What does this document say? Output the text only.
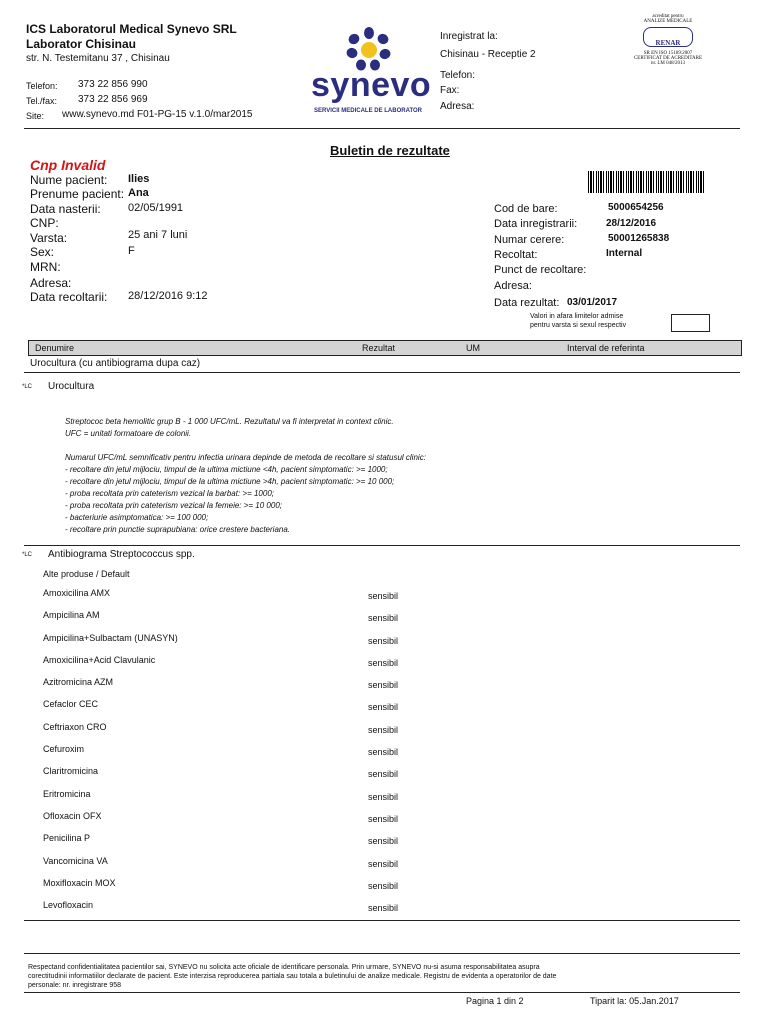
ICS Laboratorul Medical Synevo SRL
Laborator Chisinau
str. N. Testemitanu 37 , Chisinau
Telefon: 373 22 856 990
Tel./fax: 373 22 856 969
Site: www.synevo.md F01-PG-15 v.1.0/mar2015
synevo
SERVICII MEDICALE DE LABORATOR
Inregistrat la:
Chisinau - Receptie 2
Telefon:
Fax:
Adresa:
acreditat pentru
ANALIZE MEDICALE
$_{RENAR}$
SR EN ISO 15189:2007
CERTIFICAT DE ACREDITARE
nr. LM 048/2013
Buletin de rezultate
Cnp Invalid
Nume pacient: Ilies
Prenume pacient: Ana
Data nasterii: 02/05/1991
CNP:
Varsta:	25 ani 7 luni
Sex:	F
MRN:
Adresa:
Data recoltarii: 28/12/2016 9:12
Cod de bare:	5000654256
Data inregistrarii:	28/12/2016
Numar cerere:	50001265838
Recoltat:	Internal
Punct de recoltare:
Adresa:
Data rezultat: 03/01/2017
Valori in afara limitelor admise
pentru varsta si sexul respectiv
Denumire	Rezultat	UM	Interval de referinta
Urocultura (cu antibiograma dupa caz)
*LC Urocultura
Streptococ beta hemolitic grup B - 1 000 UFC/mL. Rezultatul va fi interpretat in context clinic.
UFC = unitati formatoare de colonii.
Numarul UFC/mL semnificativ pentru infectia urinara depinde de metoda de recoltare si statusul clinic:
- recoltare din jetul mijlociu, timpul de la ultima mictiune <4h, pacient simptomatic: >= 1000;
- recoltare din jetul mijlociu, timpul de la ultima mictiune >4h, pacient simptomatic: >= 10 000;
- proba recoltata prin cateterism vezical la barbat: >= 1000;
- proba recoltata prin cateterism vezical la femeie: >= 10 000;
- bacteriurie asimptomatica: >= 100 000;
- recoltare prin punctie suprapubiana: orice crestere bacteriana.
*LC Antibiograma Streptococcus spp.
Alte produse / Default
Amoxicilina AMX	sensibil
Ampicilina AM	sensibil
Ampicilina+Sulbactam (UNASYN)	sensibil
Amoxicilina+Acid Clavulanic	sensibil
Azitromicina AZM	sensibil
Cefaclor CEC	sensibil
Ceftriaxon CRO	sensibil
Cefuroxim	sensibil
Claritromicina	sensibil
Eritromicina	sensibil
Ofloxacin OFX	sensibil
Penicilina P	sensibil
Vancomicina VA	sensibil
Moxifloxacin MOX	sensibil
Levofloxacin	sensibil
Respectand confidentialitatea pacientilor sai, SYNEVO nu solicita acte oficiale de identificare personala. Prin urmare, SYNEVO nu-si asuma responsabilitatea asupra
corectitudinii informatiilor declarate de pacient. Este interzisa reproducerea partiala sau totala a buletinului de analize medicale. Registru de evidenta a operatorilor de date
personale: nr. inregistrare 958
Pagina 1 din 2	Tiparit la: 05.Jan.2017
